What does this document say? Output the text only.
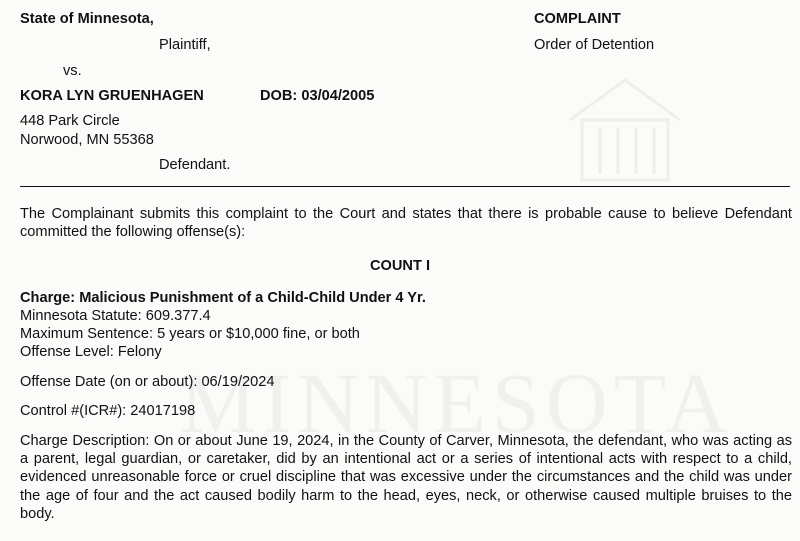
State of Minnesota,
Plaintiff,
vs.
KORA LYN GRUENHAGEN	DOB: 03/04/2005
448 Park Circle
Norwood, MN 55368
Defendant.
COMPLAINT
Order of Detention
The Complainant submits this complaint to the Court and states that there is probable cause to believe Defendant committed the following offense(s):
COUNT I
Charge: Malicious Punishment of a Child-Child Under 4 Yr.
Minnesota Statute: 609.377.4
Maximum Sentence: 5 years or $10,000 fine, or both
Offense Level: Felony
Offense Date (on or about): 06/19/2024
Control #(ICR#): 24017198
Charge Description: On or about June 19, 2024, in the County of Carver, Minnesota, the defendant, who was acting as a parent, legal guardian, or caretaker, did by an intentional act or a series of intentional acts with respect to a child, evidenced unreasonable force or cruel discipline that was excessive under the circumstances and the child was under the age of four and the act caused bodily harm to the head, eyes, neck, or otherwise caused multiple bruises to the body.
